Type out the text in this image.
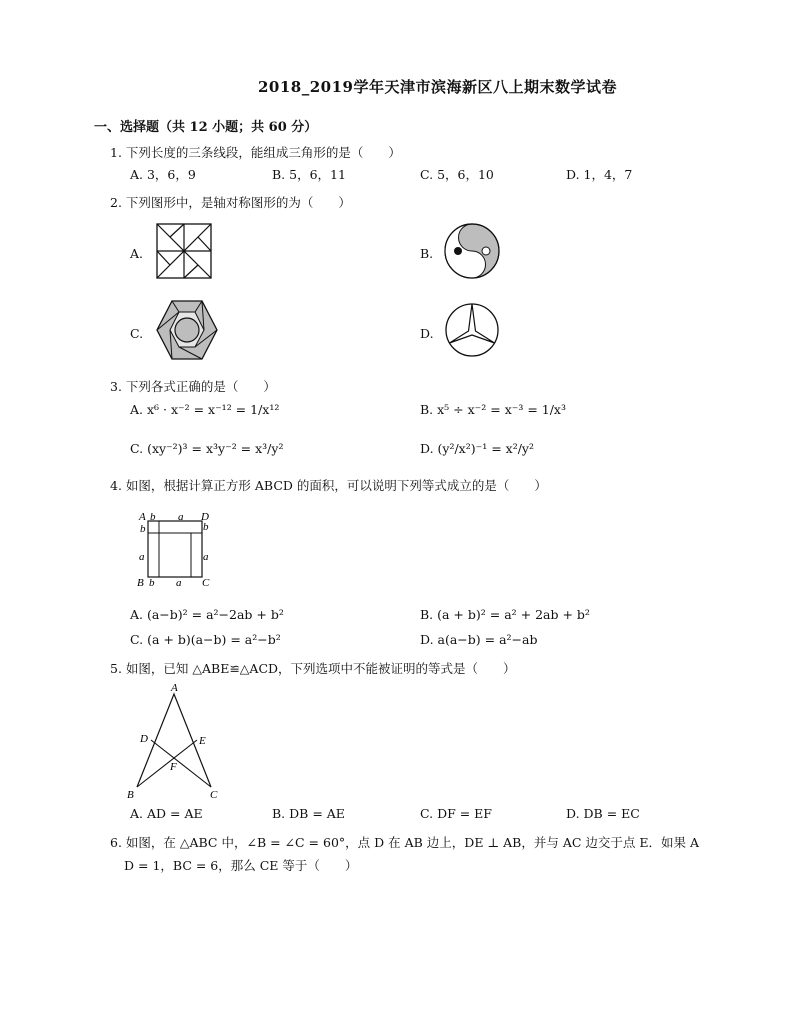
2018_2019学年天津市滨海新区八上期末数学试卷
一、选择题（共 12 小题；共 60 分）
1. 下列长度的三条线段，能组成三角形的是（　　）
A. 3，6，9	B. 5，6，11	C. 5，6，10	D. 1，4，7
2. 下列图形中，是轴对称图形的为（　　）
A.	B.
C.	D.
3. 下列各式正确的是（　　）
A. x⁶ · x⁻² = x⁻¹² = 1/x¹²	B. x⁵ ÷ x⁻² = x⁻³ = 1/x³
C. (xy⁻²)³ = x³y⁻² = x³/y²	D. (y²/x²)⁻¹ = x²/y²
4. 如图，根据计算正方形 ABCD 的面积，可以说明下列等式成立的是（　　）
A b a D
b	b
a	a
B b a C
A. (a−b)² = a²−2ab + b²	B. (a + b)² = a² + 2ab + b²
C. (a + b)(a−b) = a²−b²	D. a(a−b) = a²−ab
5. 如图，已知 △ABE≌△ACD，下列选项中不能被证明的等式是（　　）
A
D	E
F
B	C
A. AD = AE	B. DB = AE	C. DF = EF	D. DB = EC
6. 如图，在 △ABC 中，∠B = ∠C = 60°，点 D 在 AB 边上，DE ⊥ AB，并与 AC 边交于点 E．如果 A
D = 1，BC = 6，那么 CE 等于（　　）
